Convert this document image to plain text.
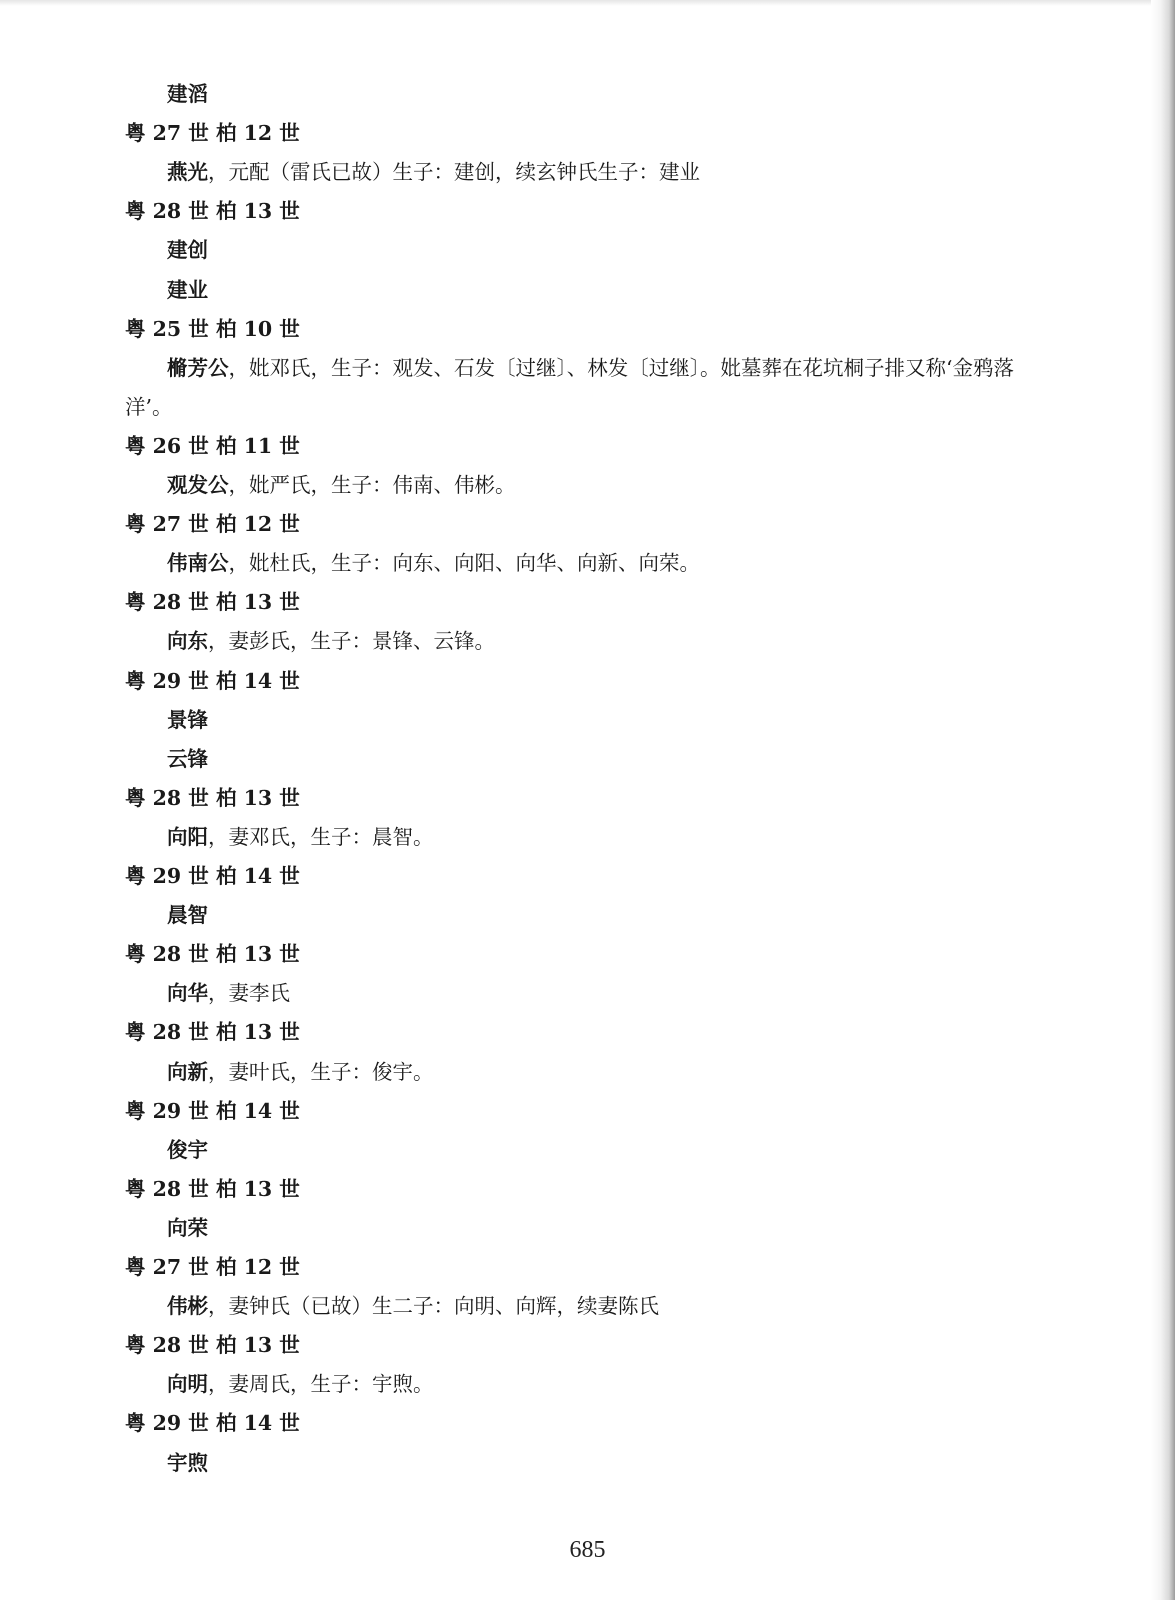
建滔
粤 27 世 柏 12 世
燕光，元配（雷氏已故）生子：建创，续玄钟氏生子：建业
粤 28 世 柏 13 世
建创
建业
粤 25 世 柏 10 世
樇芳公，妣邓氏，生子：观发、石发〔过继〕、林发〔过继〕。妣墓葬在花坑桐子排又称‘金鸦落
洋’。
粤 26 世 柏 11 世
观发公，妣严氏，生子：伟南、伟彬。
粤 27 世 柏 12 世
伟南公，妣杜氏，生子：向东、向阳、向华、向新、向荣。
粤 28 世 柏 13 世
向东，妻彭氏，生子：景锋、云锋。
粤 29 世 柏 14 世
景锋
云锋
粤 28 世 柏 13 世
向阳，妻邓氏，生子：晨智。
粤 29 世 柏 14 世
晨智
粤 28 世 柏 13 世
向华，妻李氏
粤 28 世 柏 13 世
向新，妻叶氏，生子：俊宇。
粤 29 世 柏 14 世
俊宇
粤 28 世 柏 13 世
向荣
粤 27 世 柏 12 世
伟彬，妻钟氏（已故）生二子：向明、向辉，续妻陈氏
粤 28 世 柏 13 世
向明，妻周氏，生子：宇煦。
粤 29 世 柏 14 世
宇煦
685
